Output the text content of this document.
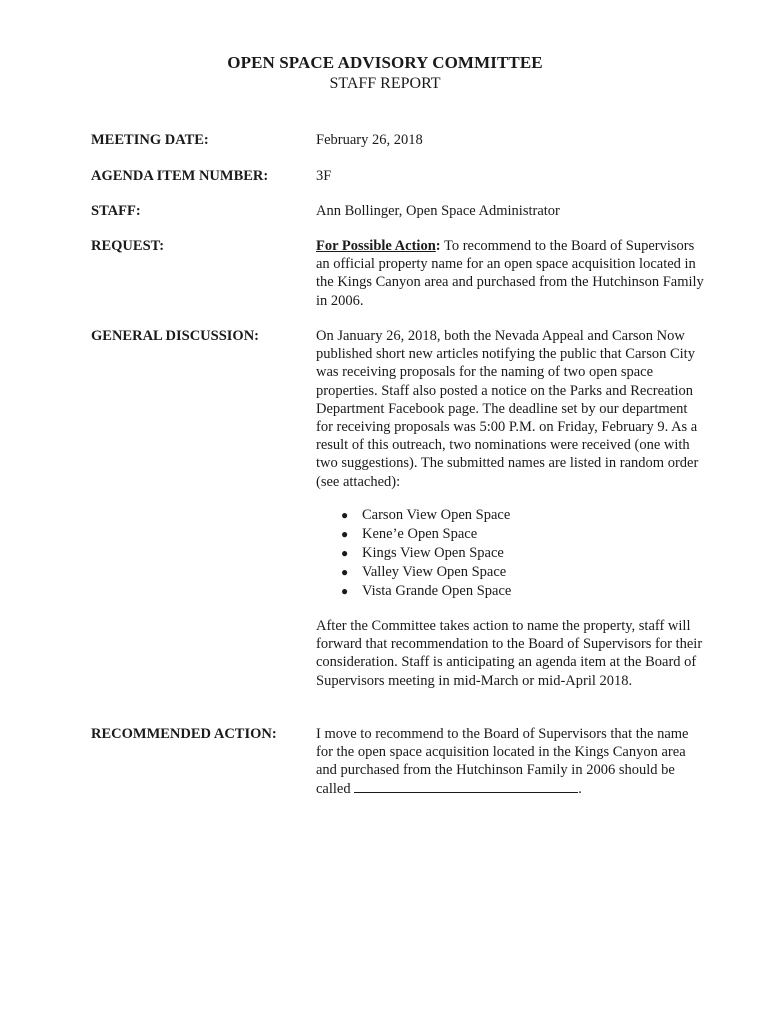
OPEN SPACE ADVISORY COMMITTEE
STAFF REPORT
MEETING DATE:	February 26, 2018
AGENDA ITEM NUMBER:	3F
STAFF:	Ann Bollinger, Open Space Administrator
REQUEST:	For Possible Action: To recommend to the Board of Supervisors an official property name for an open space acquisition located in the Kings Canyon area and purchased from the Hutchinson Family in 2006.
GENERAL DISCUSSION:	On January 26, 2018, both the Nevada Appeal and Carson Now published short new articles notifying the public that Carson City was receiving proposals for the naming of two open space properties. Staff also posted a notice on the Parks and Recreation Department Facebook page. The deadline set by our department for receiving proposals was 5:00 P.M. on Friday, February 9. As a result of this outreach, two nominations were received (one with two suggestions). The submitted names are listed in random order (see attached):
● Carson View Open Space
● Kene’e Open Space
● Kings View Open Space
● Valley View Open Space
● Vista Grande Open Space
After the Committee takes action to name the property, staff will forward that recommendation to the Board of Supervisors for their consideration. Staff is anticipating an agenda item at the Board of Supervisors meeting in mid-March or mid-April 2018.
RECOMMENDED ACTION:	I move to recommend to the Board of Supervisors that the name for the open space acquisition located in the Kings Canyon area and purchased from the Hutchinson Family in 2006 should be called	.
